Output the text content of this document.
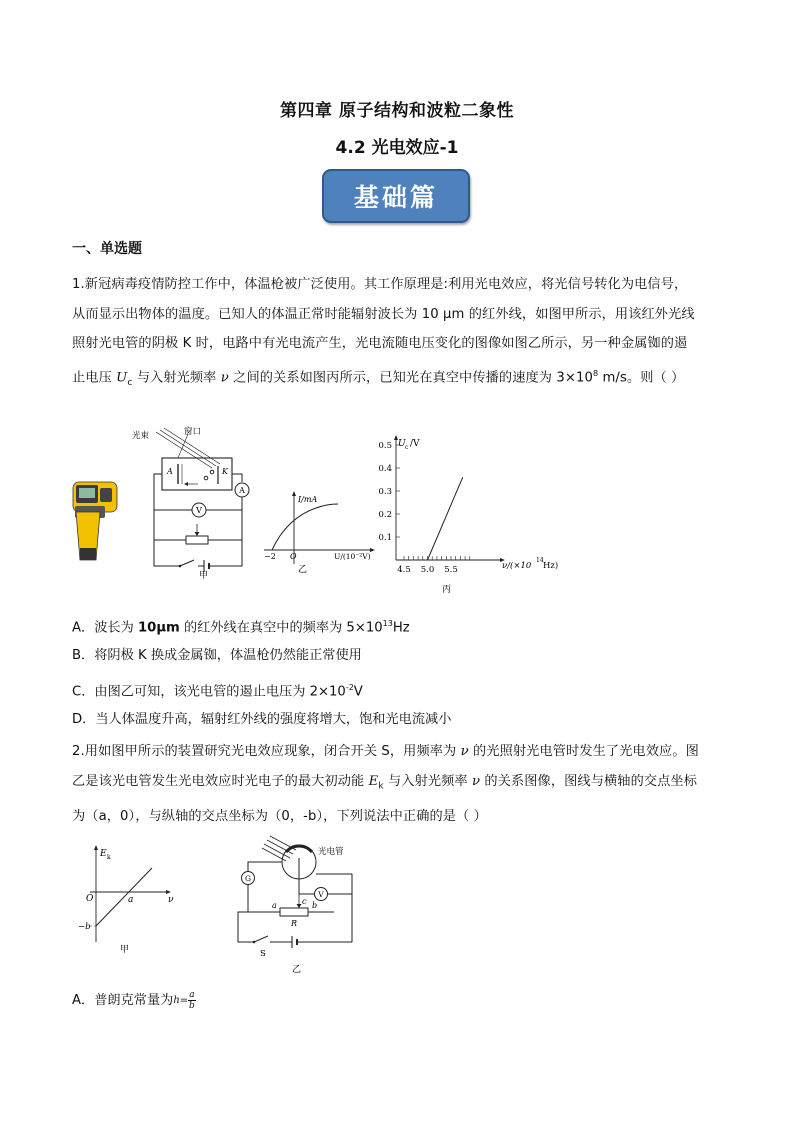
第四章 原子结构和波粒二象性
4.2 光电效应-1
基础篇
一、单选题
1.新冠病毒疫情防控工作中，体温枪被广泛使用。其工作原理是:利用光电效应，将光信号转化为电信号，
从而显示出物体的温度。已知人的体温正常时能辐射波长为 10 μm 的红外线，如图甲所示，用该红外光线
照射光电管的阴极 K 时，电路中有光电流产生，光电流随电压变化的图像如图乙所示，另一种金属铷的遏
止电压 $U_c$ 与入射光频率 ν 之间的关系如图丙所示，已知光在真空中传播的速度为 $3\times 10^8$ m/s。则（ ）
光束	窗口
A	K
A
V
甲
I/mA
−2 O	U/(10⁻²V)
乙	4.5 5.0 5.5
0.1
0.2
0.3
0.4
0.5 U c /V
ν/(×10
14
Hz)
丙
A．波长为 10μm 的红外线在真空中的频率为 $5\times 10^{13}Hz$
B．将阴极 K 换成金属铷，体温枪仍然能正常使用
C．由图乙可知，该光电管的遏止电压为 $2\times 10^{-2}V$
D．当人体温度升高，辐射红外线的强度将增大，饱和光电流减小
2.用如图甲所示的装置研究光电效应现象，闭合开关 S，用频率为 ν 的光照射光电管时发生了光电效应。图
乙是该光电管发生光电效应时光电子的最大初动能 $E_k$ 与入射光频率 ν 的关系图像，图线与横轴的交点坐标
为（a，0），与纵轴的交点坐标为（0，-b），下列说法中正确的是（ ）
E k
ν
O	a
−b
甲
光电管
G
V
a	b
c
R
S
乙
A．普朗克常量为 $h = \frac{a}{b}$
